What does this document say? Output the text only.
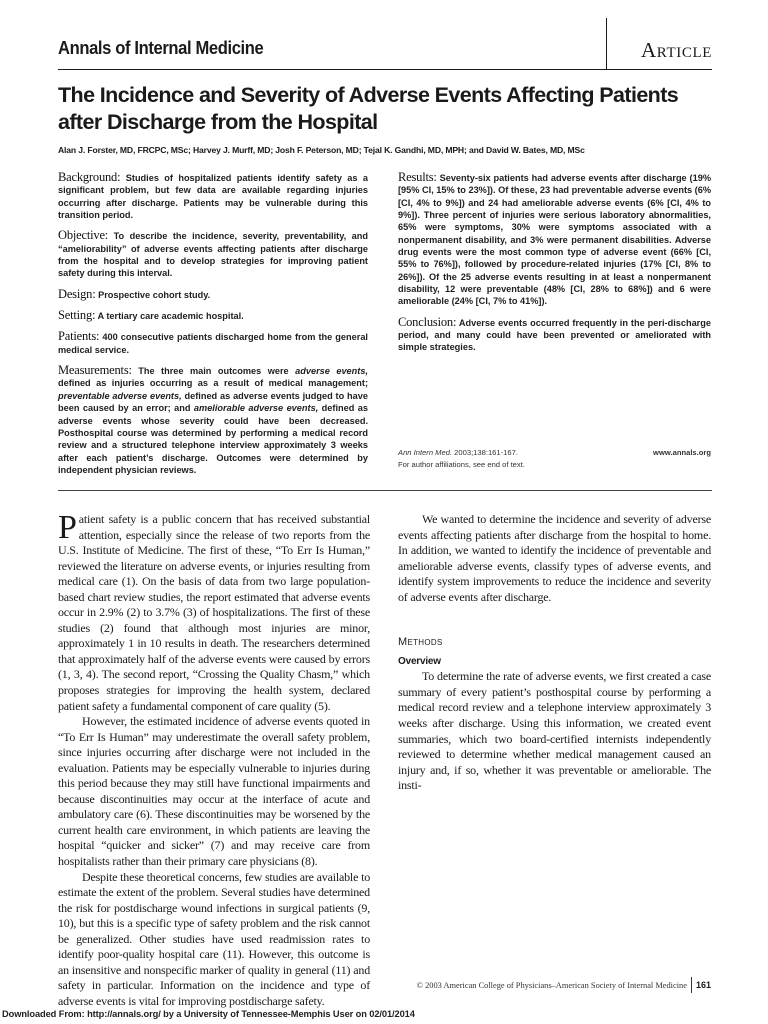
Annals of Internal Medicine	Article
The Incidence and Severity of Adverse Events Affecting Patients after Discharge from the Hospital
Alan J. Forster, MD, FRCPC, MSc; Harvey J. Murff, MD; Josh F. Peterson, MD; Tejal K. Gandhi, MD, MPH; and David W. Bates, MD, MSc
Background: Studies of hospitalized patients identify safety as a significant problem, but few data are available regarding injuries occurring after discharge. Patients may be vulnerable during this transition period.
Objective: To describe the incidence, severity, preventability, and “ameliorability” of adverse events affecting patients after discharge from the hospital and to develop strategies for improving patient safety during this interval.
Design: Prospective cohort study.
Setting: A tertiary care academic hospital.
Patients: 400 consecutive patients discharged home from the general medical service.
Measurements: The three main outcomes were adverse events, defined as injuries occurring as a result of medical management; preventable adverse events, defined as adverse events judged to have been caused by an error; and ameliorable adverse events, defined as adverse events whose severity could have been decreased. Posthospital course was determined by performing a medical record review and a structured telephone interview approximately 3 weeks after each patient’s discharge. Outcomes were determined by independent physician reviews.
Results: Seventy-six patients had adverse events after discharge (19% [95% CI, 15% to 23%]). Of these, 23 had preventable adverse events (6% [CI, 4% to 9%]) and 24 had ameliorable adverse events (6% [CI, 4% to 9%]). Three percent of injuries were serious laboratory abnormalities, 65% were symptoms, 30% were symptoms associated with a nonpermanent disability, and 3% were permanent disabilities. Adverse drug events were the most common type of adverse event (66% [CI, 55% to 76%]), followed by procedure-related injuries (17% [CI, 8% to 26%]). Of the 25 adverse events resulting in at least a nonpermanent disability, 12 were preventable (48% [CI, 28% to 68%]) and 6 were ameliorable (24% [CI, 7% to 41%]).
Conclusion: Adverse events occurred frequently in the peri-discharge period, and many could have been prevented or ameliorated with simple strategies.
Ann Intern Med. 2003;138:161-167.	www.annals.org
For author affiliations, see end of text.

Patient safety is a public concern that has received substantial attention, especially since the release of two reports from the U.S. Institute of Medicine. The first of these, “To Err Is Human,” reviewed the literature on adverse events, or injuries resulting from medical care (1). On the basis of data from two large population-based chart review studies, the report estimated that adverse events occur in 2.9% (2) to 3.7% (3) of hospitalizations. The first of these studies (2) found that although most injuries are minor, approximately 1 in 10 results in death. The researchers determined that approximately half of the adverse events were caused by errors (1, 3, 4). The second report, “Crossing the Quality Chasm,” which proposes strategies for improving the health system, declared patient safety a fundamental component of care quality (5).

However, the estimated incidence of adverse events quoted in “To Err Is Human” may underestimate the overall safety problem, since injuries occurring after discharge were not included in the evaluation. Patients may be especially vulnerable to injuries during this period because they may still have functional impairments and because discontinuities may occur at the interface of acute and ambulatory care (6). These discontinuities may be worsened by the current health care environment, in which patients are leaving the hospital “quicker and sicker” (7) and may receive care from hospitalists rather than their primary care physicians (8).

Despite these theoretical concerns, few studies are available to estimate the extent of the problem. Several studies have determined the risk for postdischarge wound infections in surgical patients (9, 10), but this is a specific type of safety problem and the risk cannot be generalized. Other studies have used readmission rates to identify poor-quality hospital care (11). However, this outcome is an insensitive and nonspecific marker of quality in general (11) and safety in particular. Information on the incidence and type of adverse events is vital for improving postdischarge safety.

We wanted to determine the incidence and severity of adverse events affecting patients after discharge from the hospital to home. In addition, we wanted to identify the incidence of preventable and ameliorable adverse events, classify types of adverse events, and identify system improvements to reduce the incidence and severity of adverse events after discharge.

Methods
Overview

To determine the rate of adverse events, we first created a case summary of every patient’s posthospital course by performing a medical record review and a telephone interview approximately 3 weeks after discharge. Using this information, we created event summaries, which two board-certified internists independently reviewed to determine whether medical management caused an injury and, if so, whether it was preventable or ameliorable. The insti-

© 2003 American College of Physicians–American Society of Internal Medicine 161
Downloaded From: http://annals.org/ by a University of Tennessee-Memphis User on 02/01/2014
